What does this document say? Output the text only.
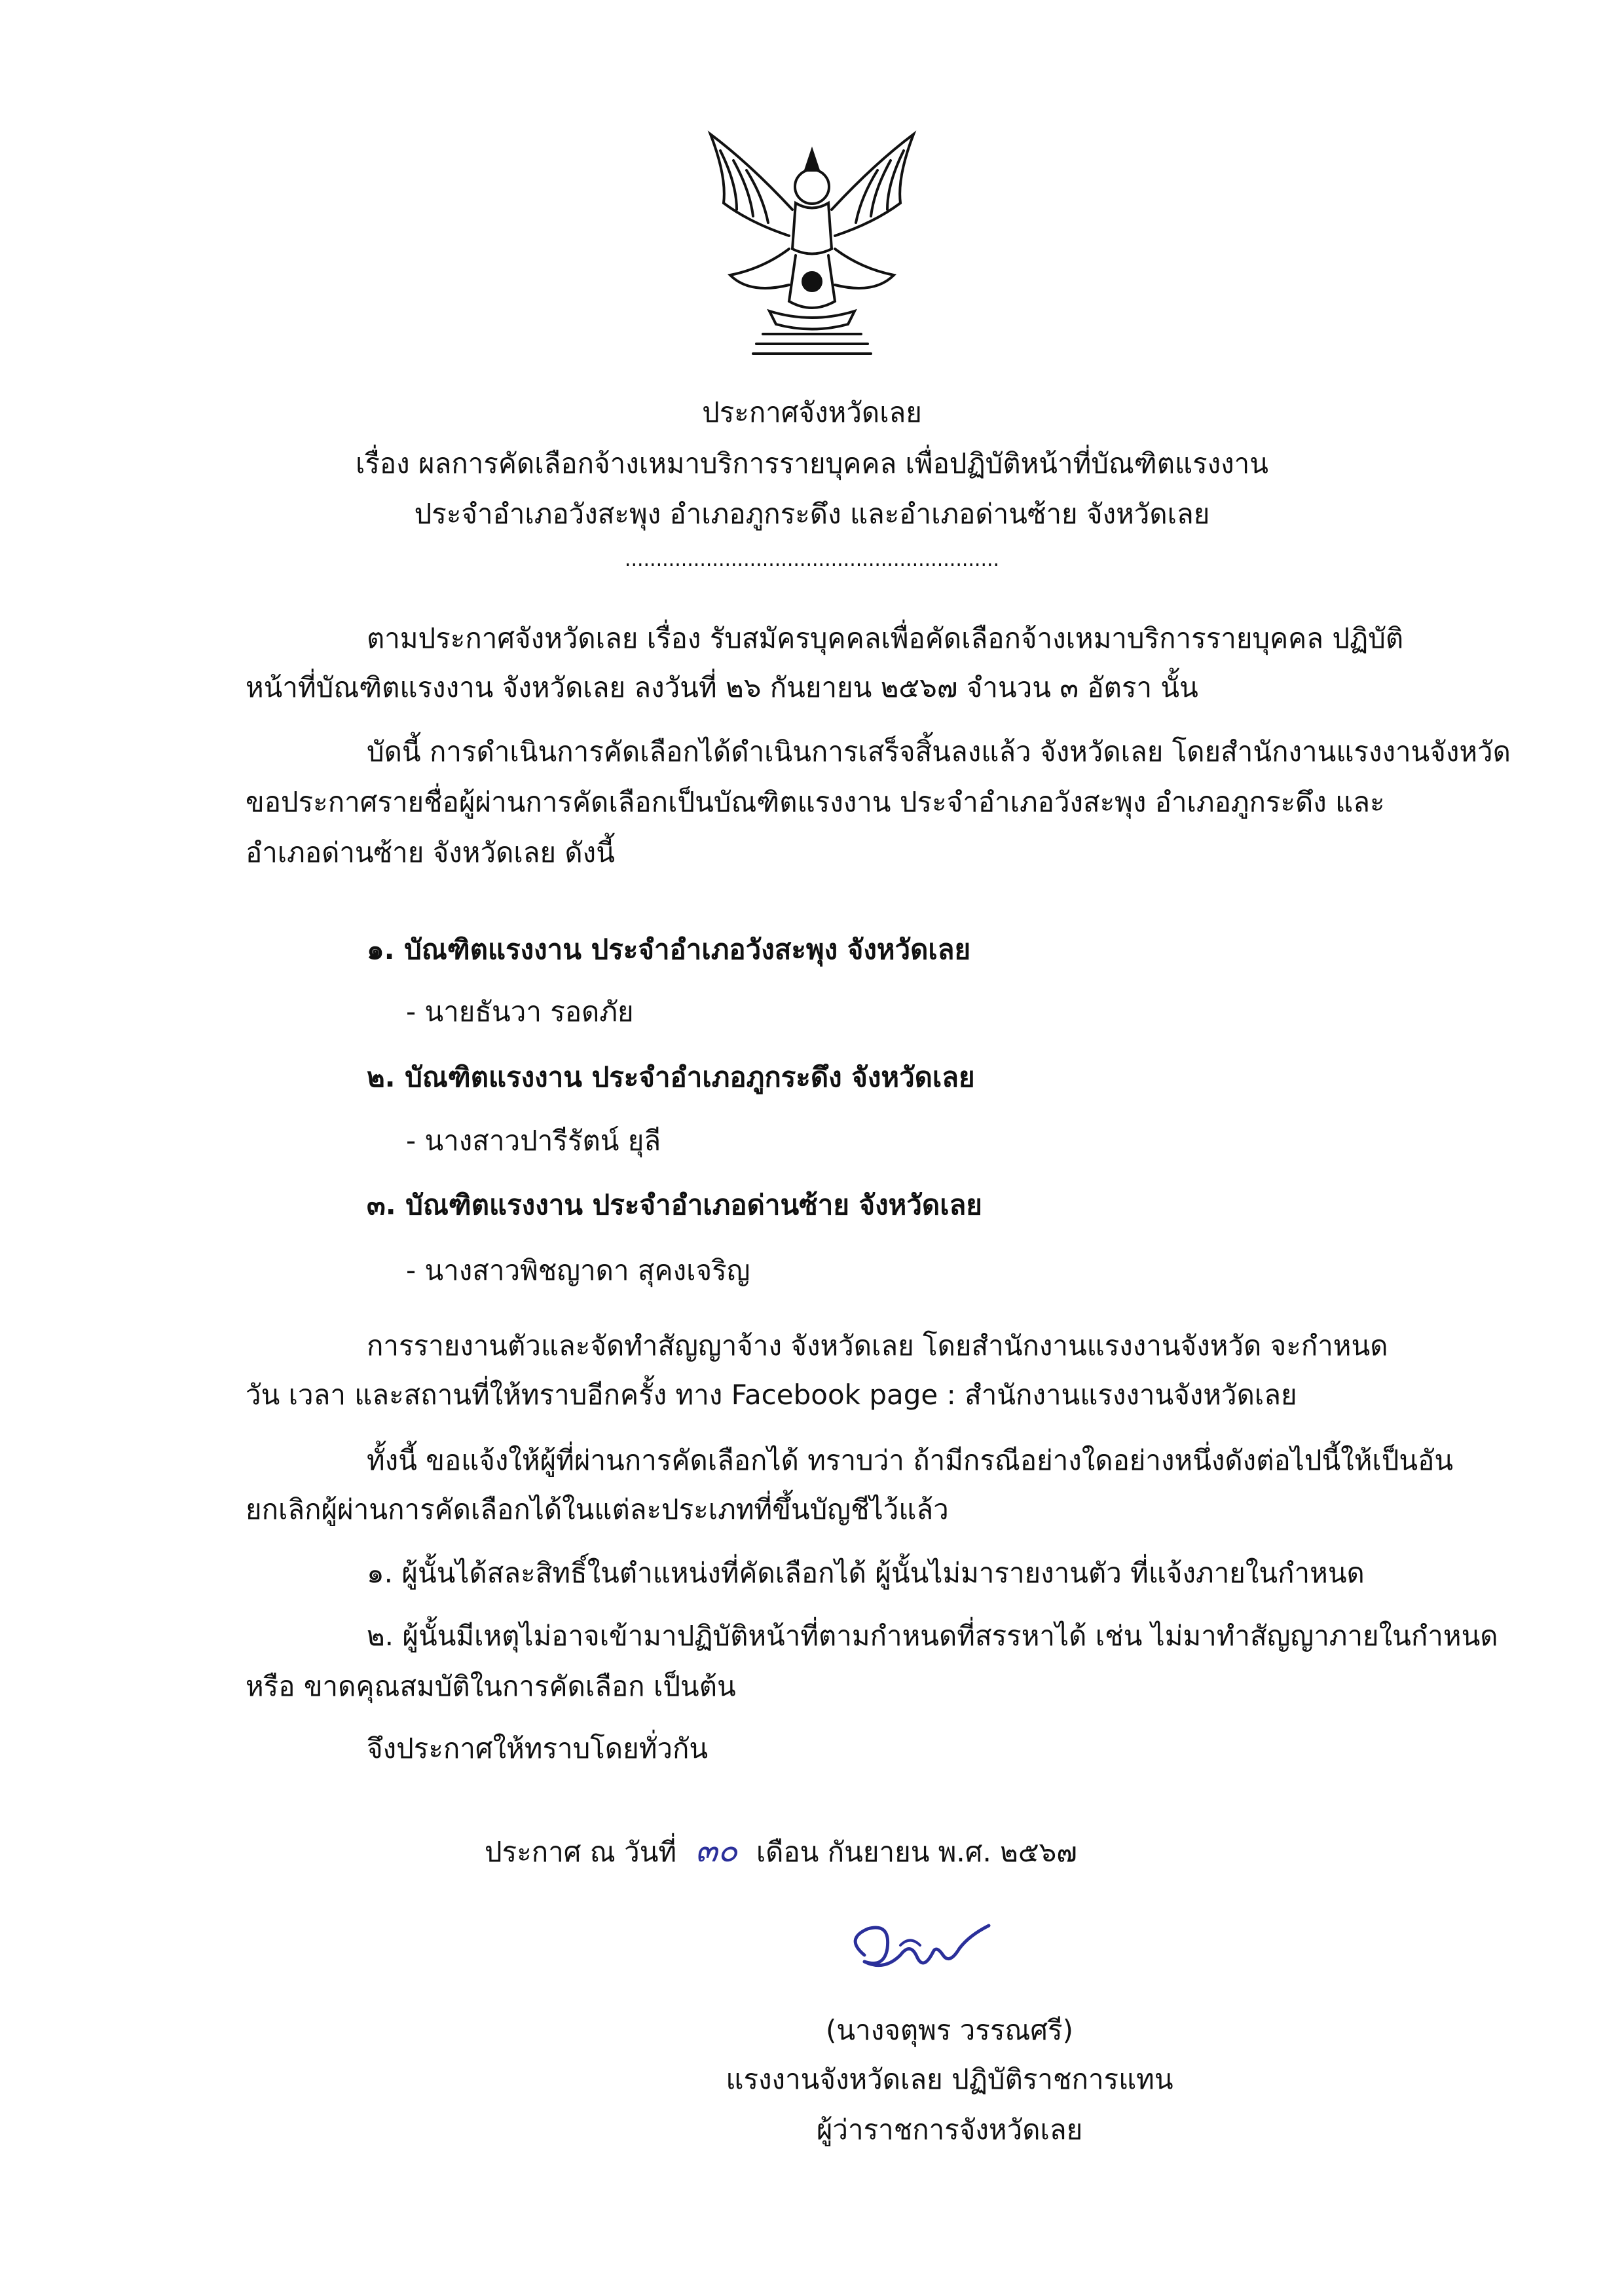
ประกาศจังหวัดเลย
เรื่อง ผลการคัดเลือกจ้างเหมาบริการรายบุคคล เพื่อปฏิบัติหน้าที่บัณฑิตแรงงาน
ประจำอำเภอวังสะพุง อำเภอภูกระดึง และอำเภอด่านซ้าย จังหวัดเลย
............................................................
ตามประกาศจังหวัดเลย เรื่อง รับสมัครบุคคลเพื่อคัดเลือกจ้างเหมาบริการรายบุคคล ปฏิบัติ
หน้าที่บัณฑิตแรงงาน จังหวัดเลย ลงวันที่ ๒๖ กันยายน ๒๕๖๗ จำนวน ๓ อัตรา นั้น
บัดนี้ การดำเนินการคัดเลือกได้ดำเนินการเสร็จสิ้นลงแล้ว จังหวัดเลย โดยสำนักงานแรงงานจังหวัด
ขอประกาศรายชื่อผู้ผ่านการคัดเลือกเป็นบัณฑิตแรงงาน ประจำอำเภอวังสะพุง อำเภอภูกระดึง และ
อำเภอด่านซ้าย จังหวัดเลย ดังนี้
๑. บัณฑิตแรงงาน ประจำอำเภอวังสะพุง จังหวัดเลย
- นายธันวา รอดภัย
๒. บัณฑิตแรงงาน ประจำอำเภอภูกระดึง จังหวัดเลย
- นางสาวปารีรัตน์ ยุลี
๓. บัณฑิตแรงงาน ประจำอำเภอด่านซ้าย จังหวัดเลย
- นางสาวพิชญาดา สุคงเจริญ
การรายงานตัวและจัดทำสัญญาจ้าง จังหวัดเลย โดยสำนักงานแรงงานจังหวัด จะกำหนด
วัน เวลา และสถานที่ให้ทราบอีกครั้ง ทาง Facebook page : สำนักงานแรงงานจังหวัดเลย
ทั้งนี้ ขอแจ้งให้ผู้ที่ผ่านการคัดเลือกได้ ทราบว่า ถ้ามีกรณีอย่างใดอย่างหนึ่งดังต่อไปนี้ให้เป็นอัน
ยกเลิกผู้ผ่านการคัดเลือกได้ในแต่ละประเภทที่ขึ้นบัญชีไว้แล้ว
๑. ผู้นั้นได้สละสิทธิ์ในตำแหน่งที่คัดเลือกได้ ผู้นั้นไม่มารายงานตัว ที่แจ้งภายในกำหนด
๒. ผู้นั้นมีเหตุไม่อาจเข้ามาปฏิบัติหน้าที่ตามกำหนดที่สรรหาได้ เช่น ไม่มาทำสัญญาภายในกำหนด
หรือ ขาดคุณสมบัติในการคัดเลือก เป็นต้น
จึงประกาศให้ทราบโดยทั่วกัน
ประกาศ ณ วันที่ ๓๐ เดือน กันยายน พ.ศ. ๒๕๖๗
(นางจตุพร วรรณศรี)
แรงงานจังหวัดเลย ปฏิบัติราชการแทน
ผู้ว่าราชการจังหวัดเลย
